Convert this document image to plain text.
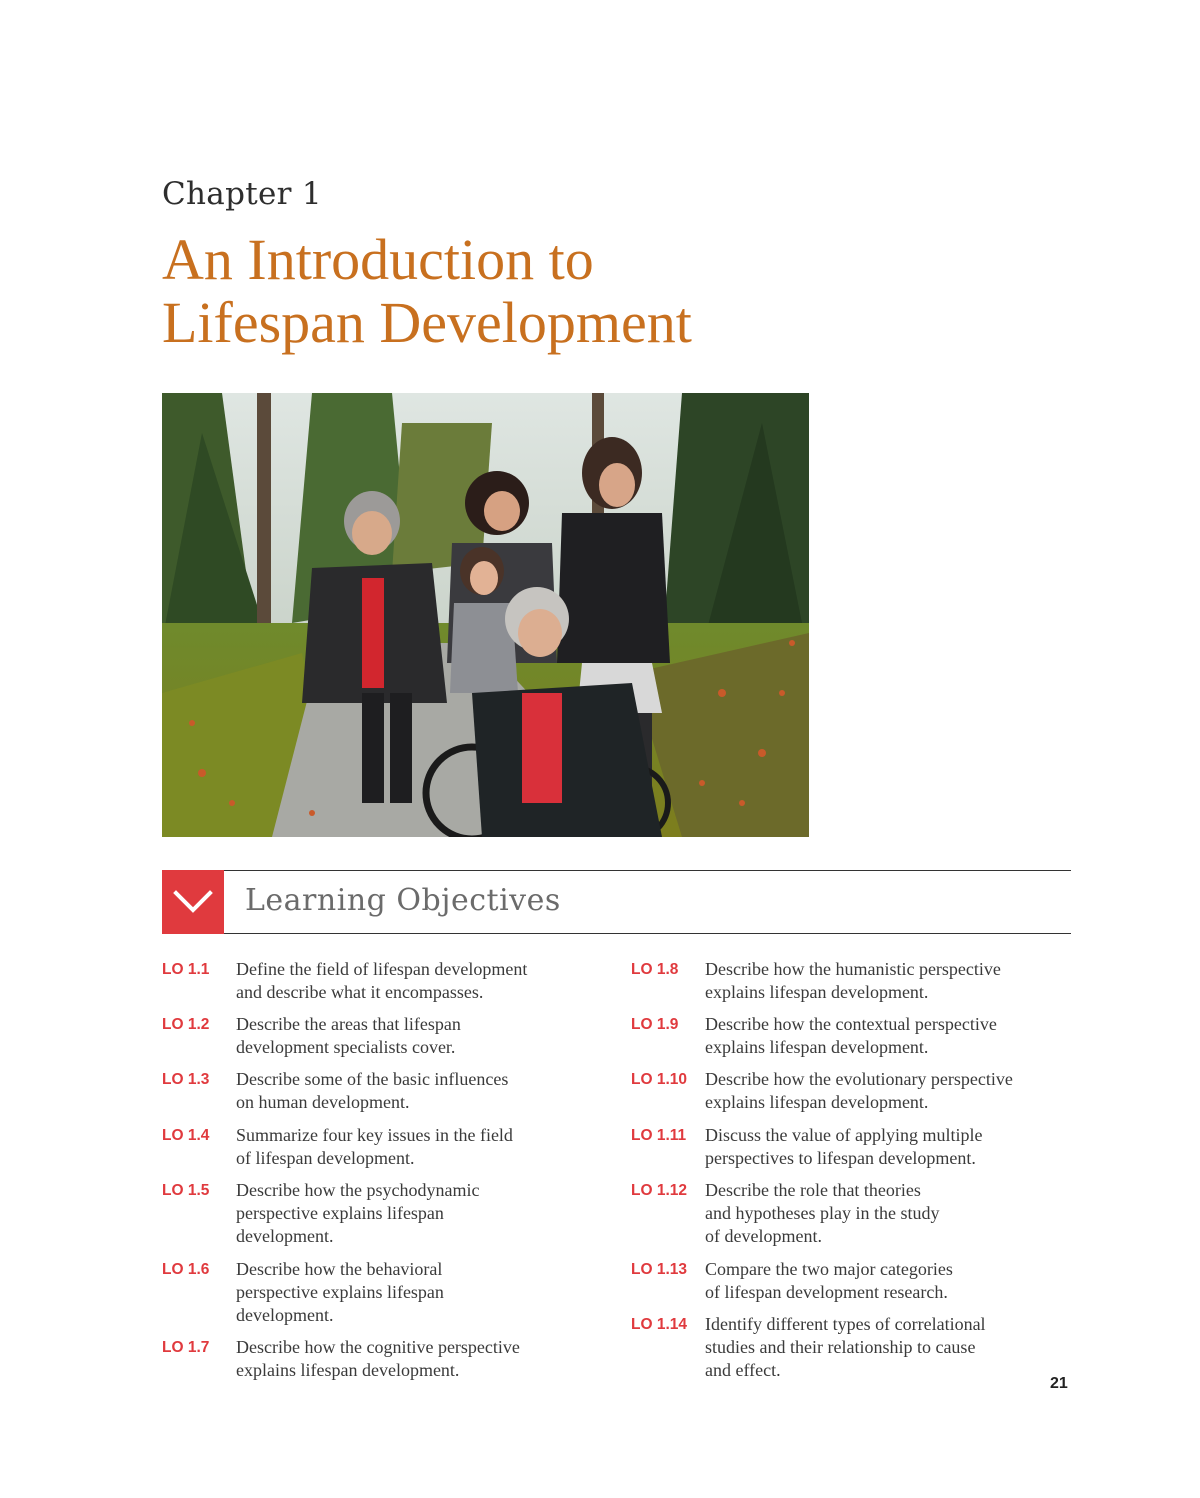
Chapter 1
An Introduction to
Lifespan Development
Learning Objectives
LO 1.1	Define the field of lifespan development
and describe what it encompasses.
LO 1.2	Describe the areas that lifespan
development specialists cover.
LO 1.3	Describe some of the basic influences
on human development.
LO 1.4	Summarize four key issues in the field
of lifespan development.
LO 1.5	Describe how the psychodynamic
perspective explains lifespan
development.
LO 1.6	Describe how the behavioral
perspective explains lifespan
development.
LO 1.7	Describe how the cognitive perspective
explains lifespan development.
LO 1.8	Describe how the humanistic perspective
explains lifespan development.
LO 1.9	Describe how the contextual perspective
explains lifespan development.
LO 1.10	Describe how the evolutionary perspective
explains lifespan development.
LO 1.11	Discuss the value of applying multiple
perspectives to lifespan development.
LO 1.12	Describe the role that theories
and hypotheses play in the study
of development.
LO 1.13	Compare the two major categories
of lifespan development research.
LO 1.14	Identify different types of correlational
studies and their relationship to cause
and effect.
21
